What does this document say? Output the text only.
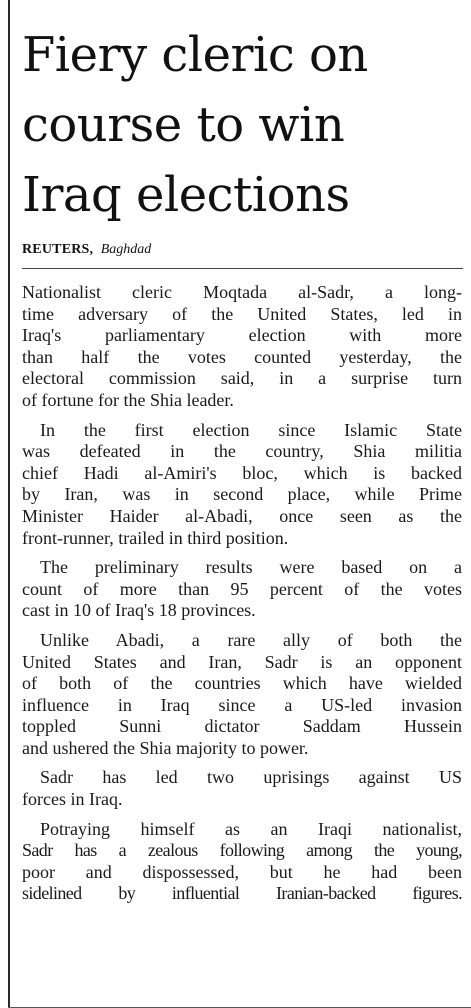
Fiery cleric on
course to win
Iraq elections
REUTERS, Baghdad

Nationalist cleric Moqtada al-Sadr, a long-
time adversary of the United States, led in
Iraq's parliamentary election with more
than half the votes counted yesterday, the
electoral commission said, in a surprise turn
of fortune for the Shia leader.

In the first election since Islamic State
was defeated in the country, Shia militia
chief Hadi al-Amiri's bloc, which is backed
by Iran, was in second place, while Prime
Minister Haider al-Abadi, once seen as the
front-runner, trailed in third position.

The preliminary results were based on a
count of more than 95 percent of the votes
cast in 10 of Iraq's 18 provinces.

Unlike Abadi, a rare ally of both the
United States and Iran, Sadr is an opponent
of both of the countries which have wielded
influence in Iraq since a US-led invasion
toppled Sunni dictator Saddam Hussein
and ushered the Shia majority to power.

Sadr has led two uprisings against US
forces in Iraq.

Potraying himself as an Iraqi nationalist,
Sadr has a zealous following among the young,
poor and dispossessed, but he had been
sidelined by influential Iranian-backed figures.
